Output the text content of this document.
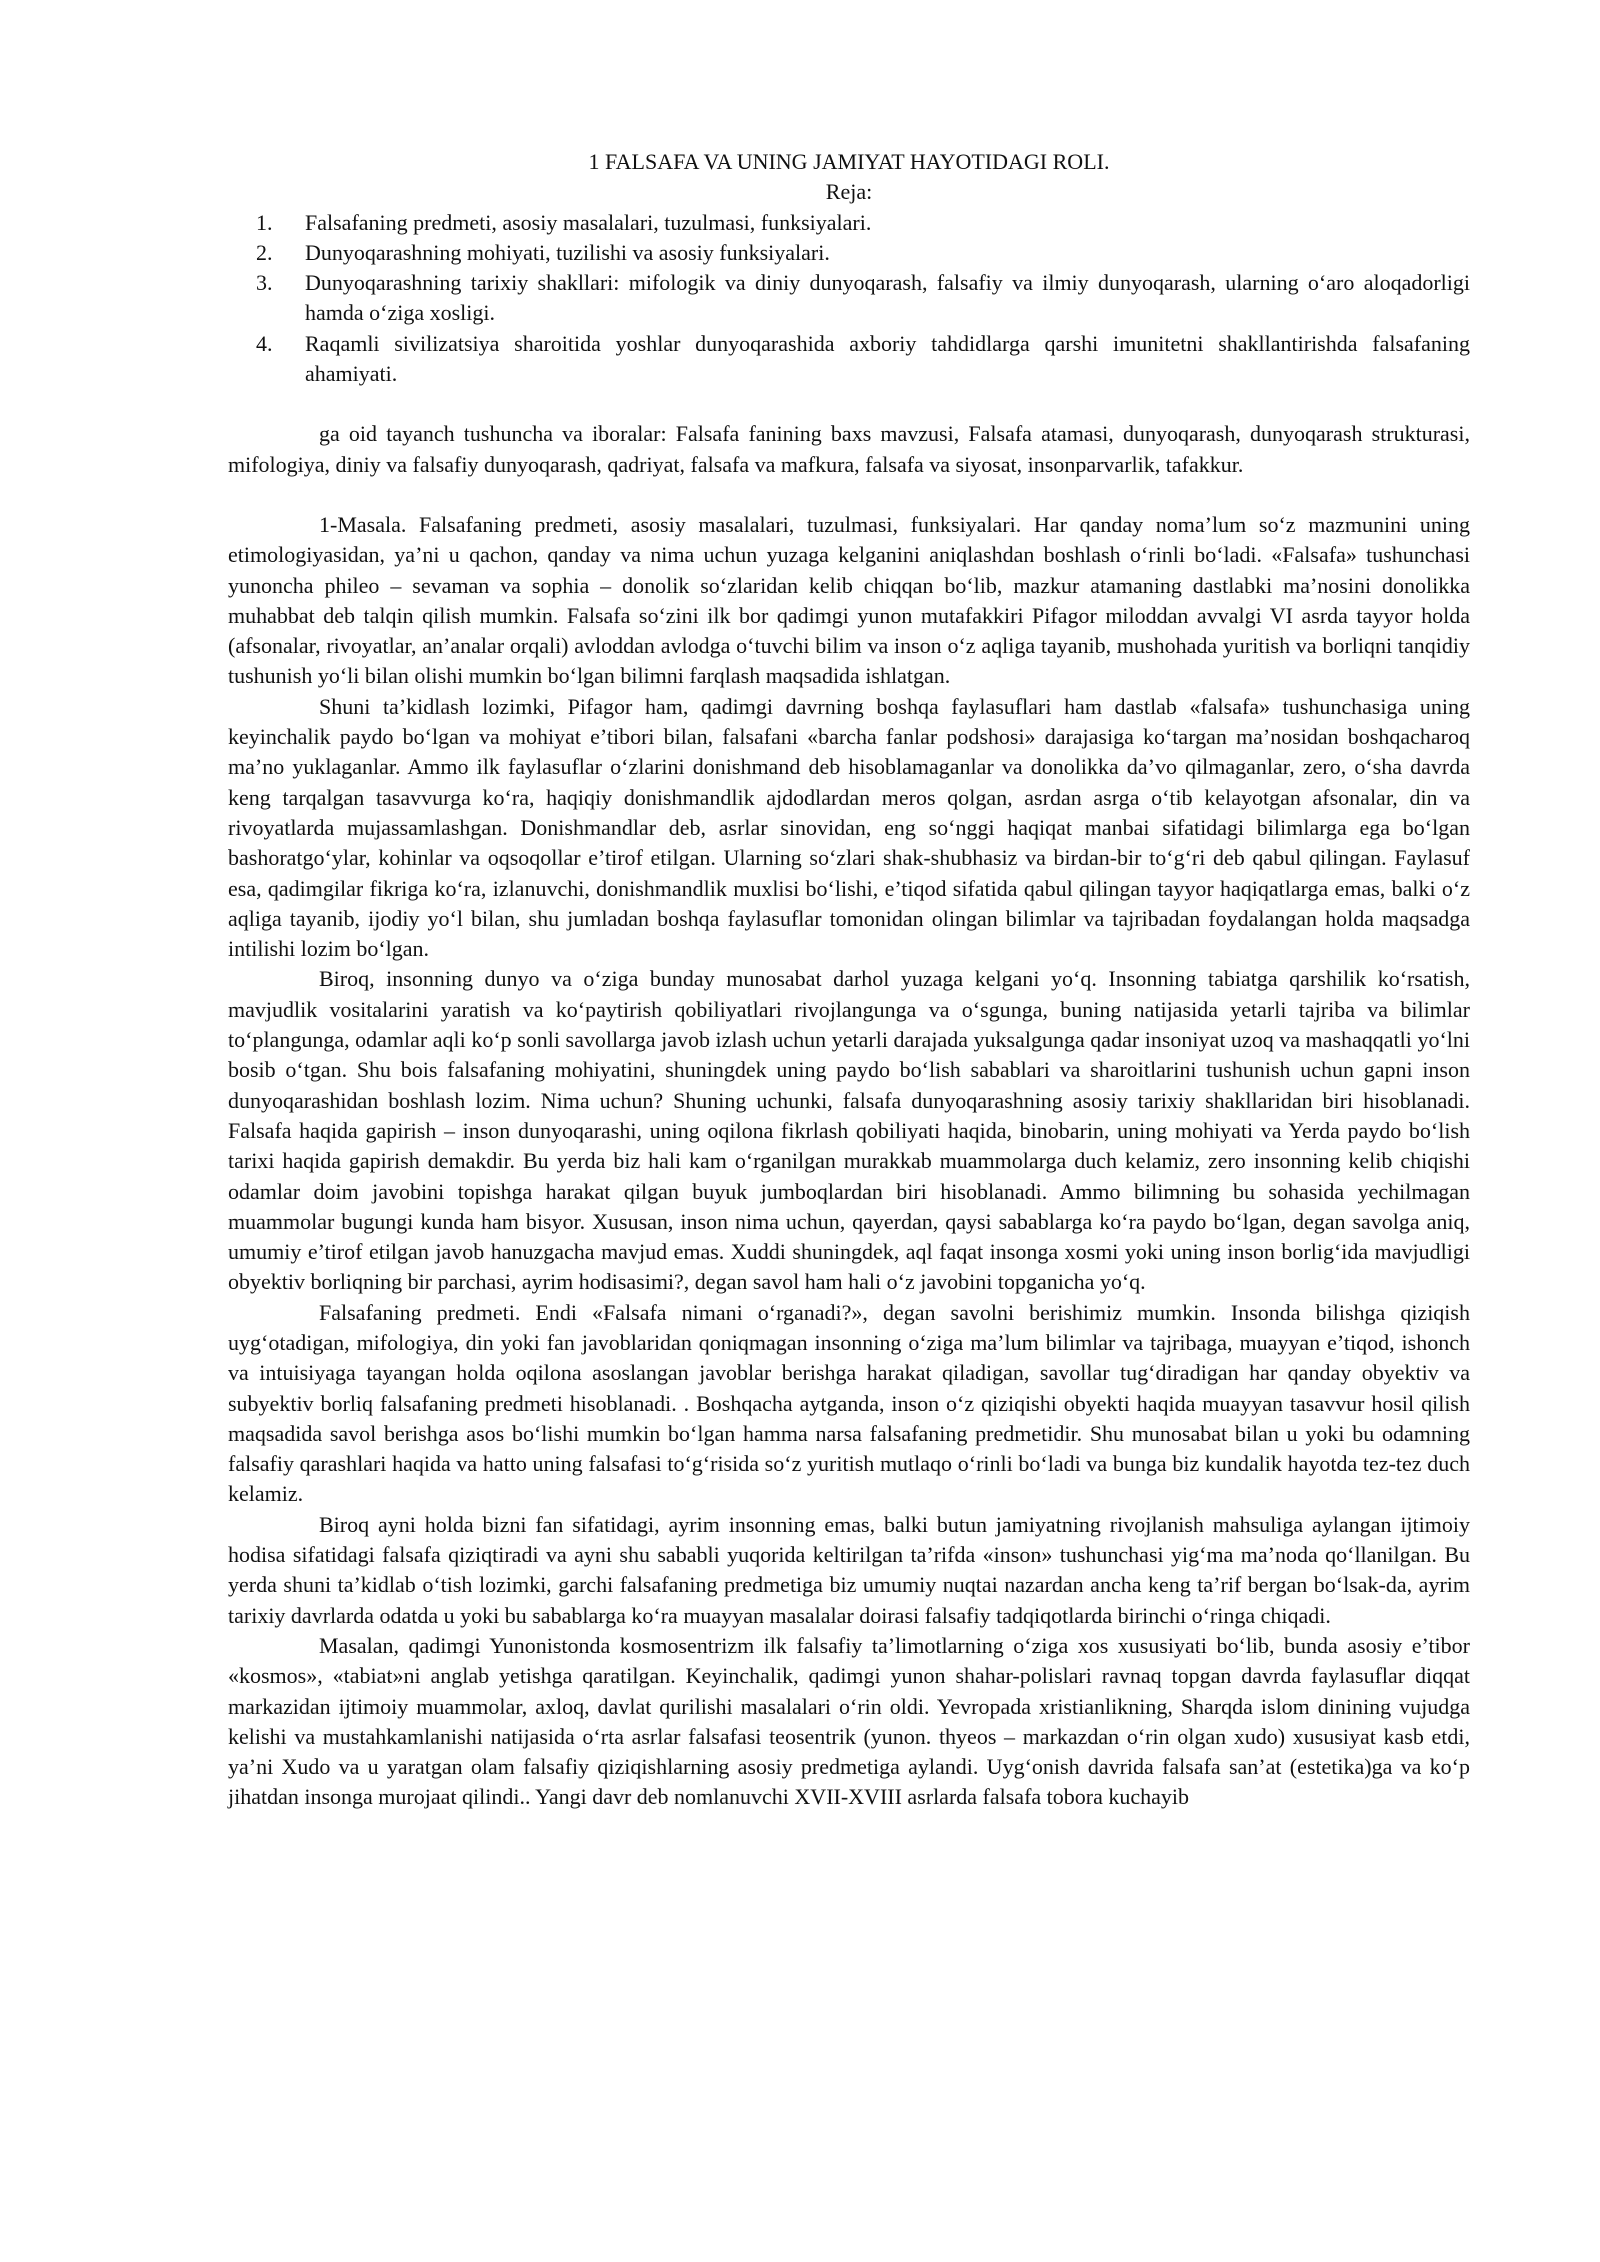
1 FALSAFA VA UNING JAMIYAT HAYOTIDAGI ROLI.

Reja:

1. Falsafaning predmeti, asosiy masalalari, tuzulmasi, funksiyalari.
2. Dunyoqarashning mohiyati, tuzilishi va asosiy funksiyalari.
3. Dunyoqarashning tarixiy shakllari: mifologik va diniy dunyoqarash, falsafiy va ilmiy dunyoqarash, ularning o‘aro aloqadorligi hamda o‘ziga xosligi.
4. Raqamli sivilizatsiya sharoitida yoshlar dunyoqarashida axboriy tahdidlarga qarshi imunitetni shakllantirishda falsafaning ahamiyati.

ga oid tayanch tushuncha va iboralar: Falsafa fanining baxs mavzusi, Falsafa atamasi, dunyoqarash, dunyoqarash strukturasi, mifologiya, diniy va falsafiy dunyoqarash, qadriyat, falsafa va mafkura, falsafa va siyosat, insonparvarlik, tafakkur.

1-Masala. Falsafaning predmeti, asosiy masalalari, tuzulmasi, funksiyalari. Har qanday noma’lum so‘z mazmunini uning etimologiyasidan, ya’ni u qachon, qanday va nima uchun yuzaga kelganini aniqlashdan boshlash o‘rinli bo‘ladi. «Falsafa» tushunchasi yunoncha phileo – sevaman va sophia – donolik so‘zlaridan kelib chiqqan bo‘lib, mazkur atamaning dastlabki ma’nosini donolikka muhabbat deb talqin qilish mumkin. Falsafa so‘zini ilk bor qadimgi yunon mutafakkiri Pifagor miloddan avvalgi VI asrda tayyor holda (afsonalar, rivoyatlar, an’analar orqali) avloddan avlodga o‘tuvchi bilim va inson o‘z aqliga tayanib, mushohada yuritish va borliqni tanqidiy tushunish yo‘li bilan olishi mumkin bo‘lgan bilimni farqlash maqsadida ishlatgan.

Shuni ta’kidlash lozimki, Pifagor ham, qadimgi davrning boshqa faylasuflari ham dastlab «falsafa» tushunchasiga uning keyinchalik paydo bo‘lgan va mohiyat e’tibori bilan, falsafani «barcha fanlar podshosi» darajasiga ko‘targan ma’nosidan boshqacharoq ma’no yuklaganlar. Ammo ilk faylasuflar o‘zlarini donishmand deb hisoblamaganlar va donolikka da’vo qilmaganlar, zero, o‘sha davrda keng tarqalgan tasavvurga ko‘ra, haqiqiy donishmandlik ajdodlardan meros qolgan, asrdan asrga o‘tib kelayotgan afsonalar, din va rivoyatlarda mujassamlashgan. Donishmandlar deb, asrlar sinovidan, eng so‘nggi haqiqat manbai sifatidagi bilimlarga ega bo‘lgan bashoratgo‘ylar, kohinlar va oqsoqollar e’tirof etilgan. Ularning so‘zlari shak-shubhasiz va birdan-bir to‘g‘ri deb qabul qilingan. Faylasuf esa, qadimgilar fikriga ko‘ra, izlanuvchi, donishmandlik muxlisi bo‘lishi, e’tiqod sifatida qabul qilingan tayyor haqiqatlarga emas, balki o‘z aqliga tayanib, ijodiy yo‘l bilan, shu jumladan boshqa faylasuflar tomonidan olingan bilimlar va tajribadan foydalangan holda maqsadga intilishi lozim bo‘lgan.

Biroq, insonning dunyo va o‘ziga bunday munosabat darhol yuzaga kelgani yo‘q. Insonning tabiatga qarshilik ko‘rsatish, mavjudlik vositalarini yaratish va ko‘paytirish qobiliyatlari rivojlangunga va o‘sgunga, buning natijasida yetarli tajriba va bilimlar to‘plangunga, odamlar aqli ko‘p sonli savollarga javob izlash uchun yetarli darajada yuksalgunga qadar insoniyat uzoq va mashaqqatli yo‘lni bosib o‘tgan. Shu bois falsafaning mohiyatini, shuningdek uning paydo bo‘lish sabablari va sharoitlarini tushunish uchun gapni inson dunyoqarashidan boshlash lozim. Nima uchun? Shuning uchunki, falsafa dunyoqarashning asosiy tarixiy shakllaridan biri hisoblanadi. Falsafa haqida gapirish – inson dunyoqarashi, uning oqilona fikrlash qobiliyati haqida, binobarin, uning mohiyati va Yerda paydo bo‘lish tarixi haqida gapirish demakdir. Bu yerda biz hali kam o‘rganilgan murakkab muammolarga duch kelamiz, zero insonning kelib chiqishi odamlar doim javobini topishga harakat qilgan buyuk jumboqlardan biri hisoblanadi. Ammo bilimning bu sohasida yechilmagan muammolar bugungi kunda ham bisyor. Xususan, inson nima uchun, qayerdan, qaysi sabablarga ko‘ra paydo bo‘lgan, degan savolga aniq, umumiy e’tirof etilgan javob hanuzgacha mavjud emas. Xuddi shuningdek, aql faqat insonga xosmi yoki uning inson borlig‘ida mavjudligi obyektiv borliqning bir parchasi, ayrim hodisasimi?, degan savol ham hali o‘z javobini topganicha yo‘q.

Falsafaning predmeti. Endi «Falsafa nimani o‘rganadi?», degan savolni berishimiz mumkin. Insonda bilishga qiziqish uyg‘otadigan, mifologiya, din yoki fan javoblaridan qoniqmagan insonning o‘ziga ma’lum bilimlar va tajribaga, muayyan e’tiqod, ishonch va intuisiyaga tayangan holda oqilona asoslangan javoblar berishga harakat qiladigan, savollar tug‘diradigan har qanday obyektiv va subyektiv borliq falsafaning predmeti hisoblanadi. . Boshqacha aytganda, inson o‘z qiziqishi obyekti haqida muayyan tasavvur hosil qilish maqsadida savol berishga asos bo‘lishi mumkin bo‘lgan hamma narsa falsafaning predmetidir. Shu munosabat bilan u yoki bu odamning falsafiy qarashlari haqida va hatto uning falsafasi to‘g‘risida so‘z yuritish mutlaqo o‘rinli bo‘ladi va bunga biz kundalik hayotda tez-tez duch kelamiz.

Biroq ayni holda bizni fan sifatidagi, ayrim insonning emas, balki butun jamiyatning rivojlanish mahsuliga aylangan ijtimoiy hodisa sifatidagi falsafa qiziqtiradi va ayni shu sababli yuqorida keltirilgan ta’rifda «inson» tushunchasi yig‘ma ma’noda qo‘llanilgan. Bu yerda shuni ta’kidlab o‘tish lozimki, garchi falsafaning predmetiga biz umumiy nuqtai nazardan ancha keng ta’rif bergan bo‘lsak-da, ayrim tarixiy davrlarda odatda u yoki bu sabablarga ko‘ra muayyan masalalar doirasi falsafiy tadqiqotlarda birinchi o‘ringa chiqadi.

Masalan, qadimgi Yunonistonda kosmosentrizm ilk falsafiy ta’limotlarning o‘ziga xos xususiyati bo‘lib, bunda asosiy e’tibor «kosmos», «tabiat»ni anglab yetishga qaratilgan. Keyinchalik, qadimgi yunon shahar-polislari ravnaq topgan davrda faylasuflar diqqat markazidan ijtimoiy muammolar, axloq, davlat qurilishi masalalari o‘rin oldi. Yevropada xristianlikning, Sharqda islom dinining vujudga kelishi va mustahkamlanishi natijasida o‘rta asrlar falsafasi teosentrik (yunon. thyeos – markazdan o‘rin olgan xudo) xususiyat kasb etdi, ya’ni Xudo va u yaratgan olam falsafiy qiziqishlarning asosiy predmetiga aylandi. Uyg‘onish davrida falsafa san’at (estetika)ga va ko‘p jihatdan insonga murojaat qilindi.. Yangi davr deb nomlanuvchi XVII-XVIII asrlarda falsafa tobora kuchayib
